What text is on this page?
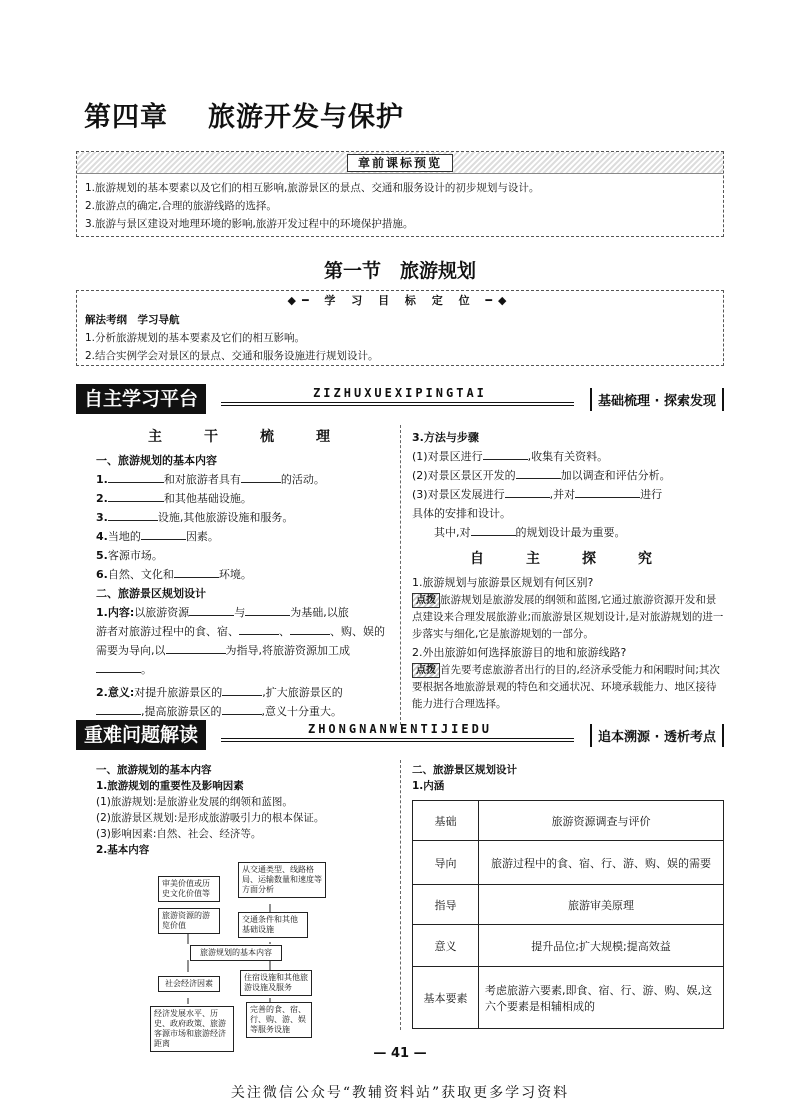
第四章 旅游开发与保护
章前课标预览
1.旅游规划的基本要素以及它们的相互影响,旅游景区的景点、交通和服务设计的初步规划与设计。
2.旅游点的确定,合理的旅游线路的选择。
3.旅游与景区建设对地理环境的影响,旅游开发过程中的环境保护措施。
第一节　 旅游规划
◆━ 学 习 目 标 定 位 ━◆
解法考纲　学习导航
1.分析旅游规划的基本要素及它们的相互影响。
2.结合实例学会对景区的景点、交通和服务设施进行规划设计。
自主学习平台	ZIZHUXUEXIPINGTAI
基础梳理 · 探索发现
主　干　梳　理
一、旅游规划的基本内容
1.	和对旅游者具有	的活动。
2.	和其他基础设施。
3.	设施,其他旅游设施和服务。
4.当地的	因素。
5.客源市场。
6.自然、文化和	环境。
二、旅游景区规划设计
1.内容:以旅游资源	与	为基础,以旅
游者对旅游过程中的食、宿、	、	、购、娱的
需要为导向,以	为指导,将旅游资源加工成
。
2.意义:对提升旅游景区的	,扩大旅游景区的
,提高旅游景区的	,意义十分重大。
3.方法与步骤
(1)对景区进行	,收集有关资料。
(2)对景区景区开发的	加以调查和评估分析。
(3)对景区发展进行	,并对	进行
具体的安排和设计。
其中,对	的规划设计最为重要。
自　主　探　究
1.旅游规划与旅游景区规划有何区别?
点拨 旅游规划是旅游发展的纲领和蓝图,它通过旅游资源开发和景点建设来合理发展旅游业;而旅游景区规划设计,是对旅游规划的进一步落实与细化,它是旅游规划的一部分。
2.外出旅游如何选择旅游目的地和旅游线路?
点拨 首先要考虑旅游者出行的目的,经济承受能力和闲暇时间;其次要根据各地旅游景观的特色和交通状况、环境承载能力、地区接待能力进行合理选择。
重难问题解读	ZHONGNANWENTIJIEDU
追本溯源 · 透析考点
一、旅游规划的基本内容
1.旅游规划的重要性及影响因素
(1)旅游规划:是旅游业发展的纲领和蓝图。
(2)旅游景区规划:是形成旅游吸引力的根本保证。
(3)影响因素:自然、社会、经济等。
2.基本内容
审美价值或历史文化价值等
旅游资源的游览价值
从交通类型、线路格局、运输数量和速度等方面分析
交通条件和其他基础设施
旅游规划的基本内容
社会经济因素
住宿设施和其他旅游设施及服务
经济发展水平、历史、政府政策、旅游客源市场和旅游经济距离
完善的食、宿、行、购、游、娱等服务设施
二、旅游景区规划设计
1.内涵
基础	旅游资源调查与评价
导向	旅游过程中的食、宿、行、游、购、娱的需要
指导	旅游审美原理
意义	提升品位;扩大规模;提高效益
基本要素	考虑旅游六要素,即食、宿、行、游、购、娱,这六个要素是相辅相成的
— 41 —
关注微信公众号“教辅资料站”获取更多学习资料
